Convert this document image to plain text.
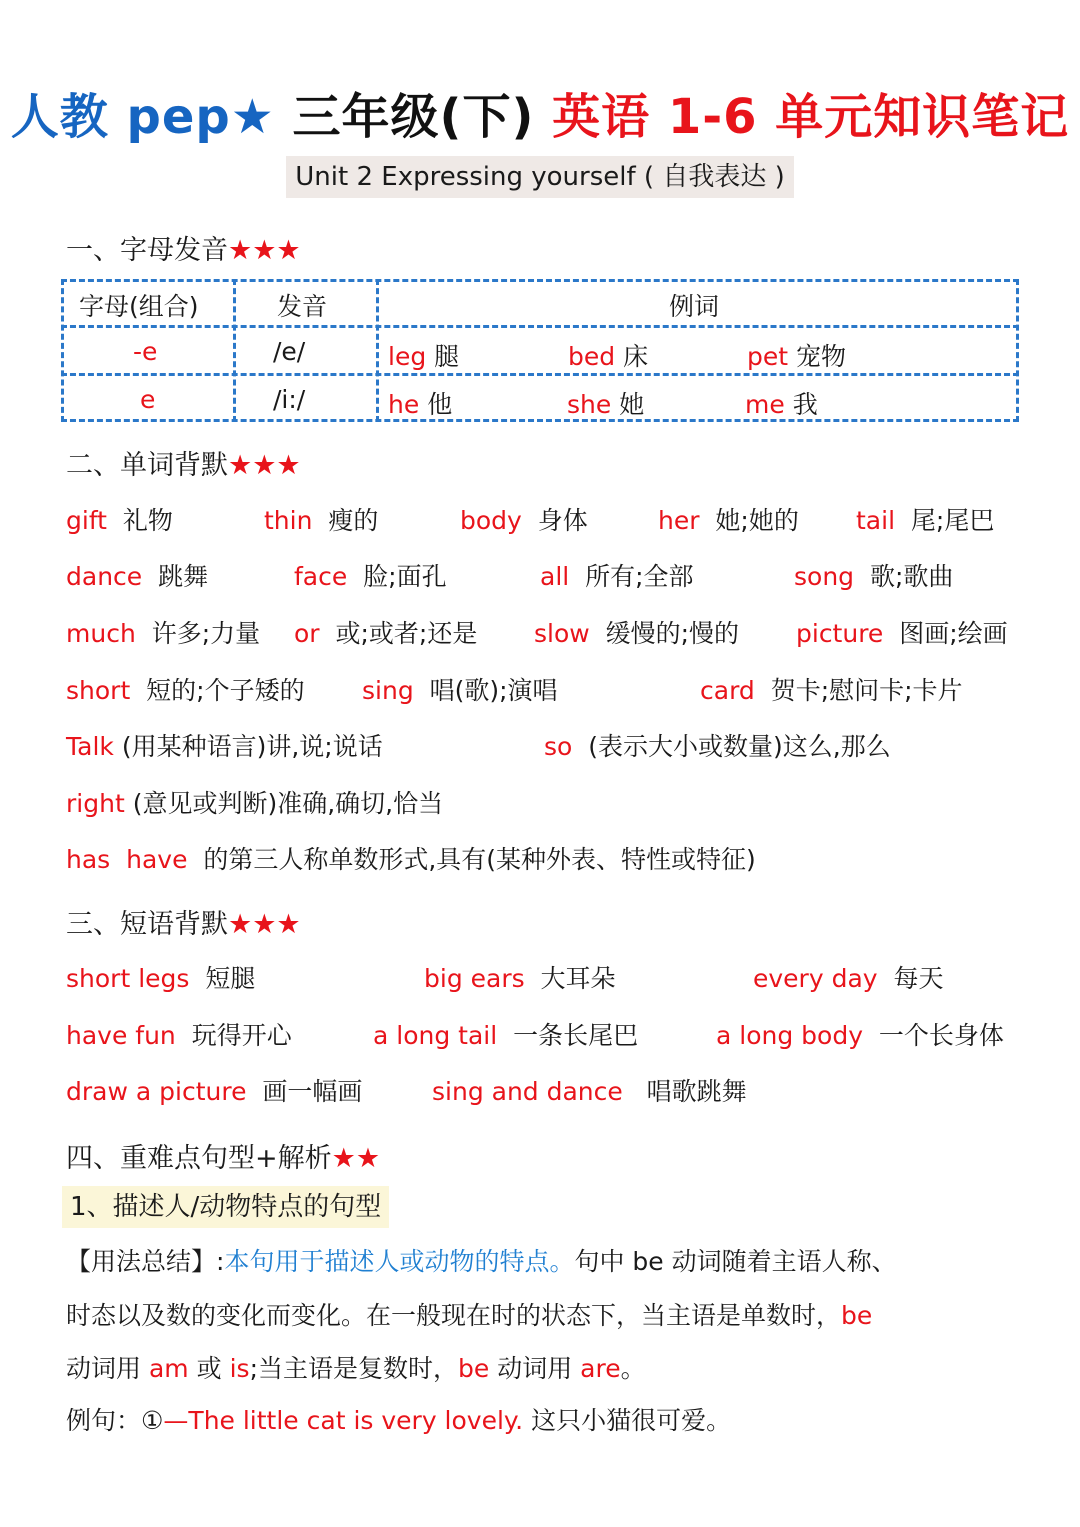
人教 pep★ 三年级(下) 英语 1-6 单元知识笔记
Unit 2 Expressing yourself ( 自我表达 )
一、字母发音★★★
字母(组合)	发音	例词
-e	/e/	leg 腿	bed 床	pet 宠物
e	/i:/	he 他	she 她	me 我
二、单词背默★★★
gift 礼物	thin 瘦的	body 身体	her 她;她的 tail 尾;尾巴
dance 跳舞	face 脸;面孔	all 所有;全部	song 歌;歌曲
much 许多;力量 or 或;或者;还是 slow 缓慢的;慢的 picture 图画;绘画
short 短的;个子矮的 sing 唱(歌);演唱	card 贺卡;慰问卡;卡片
Talk (用某种语言)讲,说;说话	so (表示大小或数量)这么,那么
right (意见或判断)准确,确切,恰当
has have 的第三人称单数形式,具有(某种外表、特性或特征)
三、短语背默★★★
short legs 短腿	big ears 大耳朵	every day 每天
have fun 玩得开心	a long tail 一条长尾巴	a long body 一个长身体
draw a picture 画一幅画	sing and dance 唱歌跳舞
四、重难点句型+解析★★
1、描述人/动物特点的句型
【用法总结】:本句用于描述人或动物的特点。句中 be 动词随着主语人称、
时态以及数的变化而变化。在一般现在时的状态下，当主语是单数时，be
动词用 am 或 is;当主语是复数时，be 动词用 are。
例句：①—The little cat is very lovely. 这只小猫很可爱。
